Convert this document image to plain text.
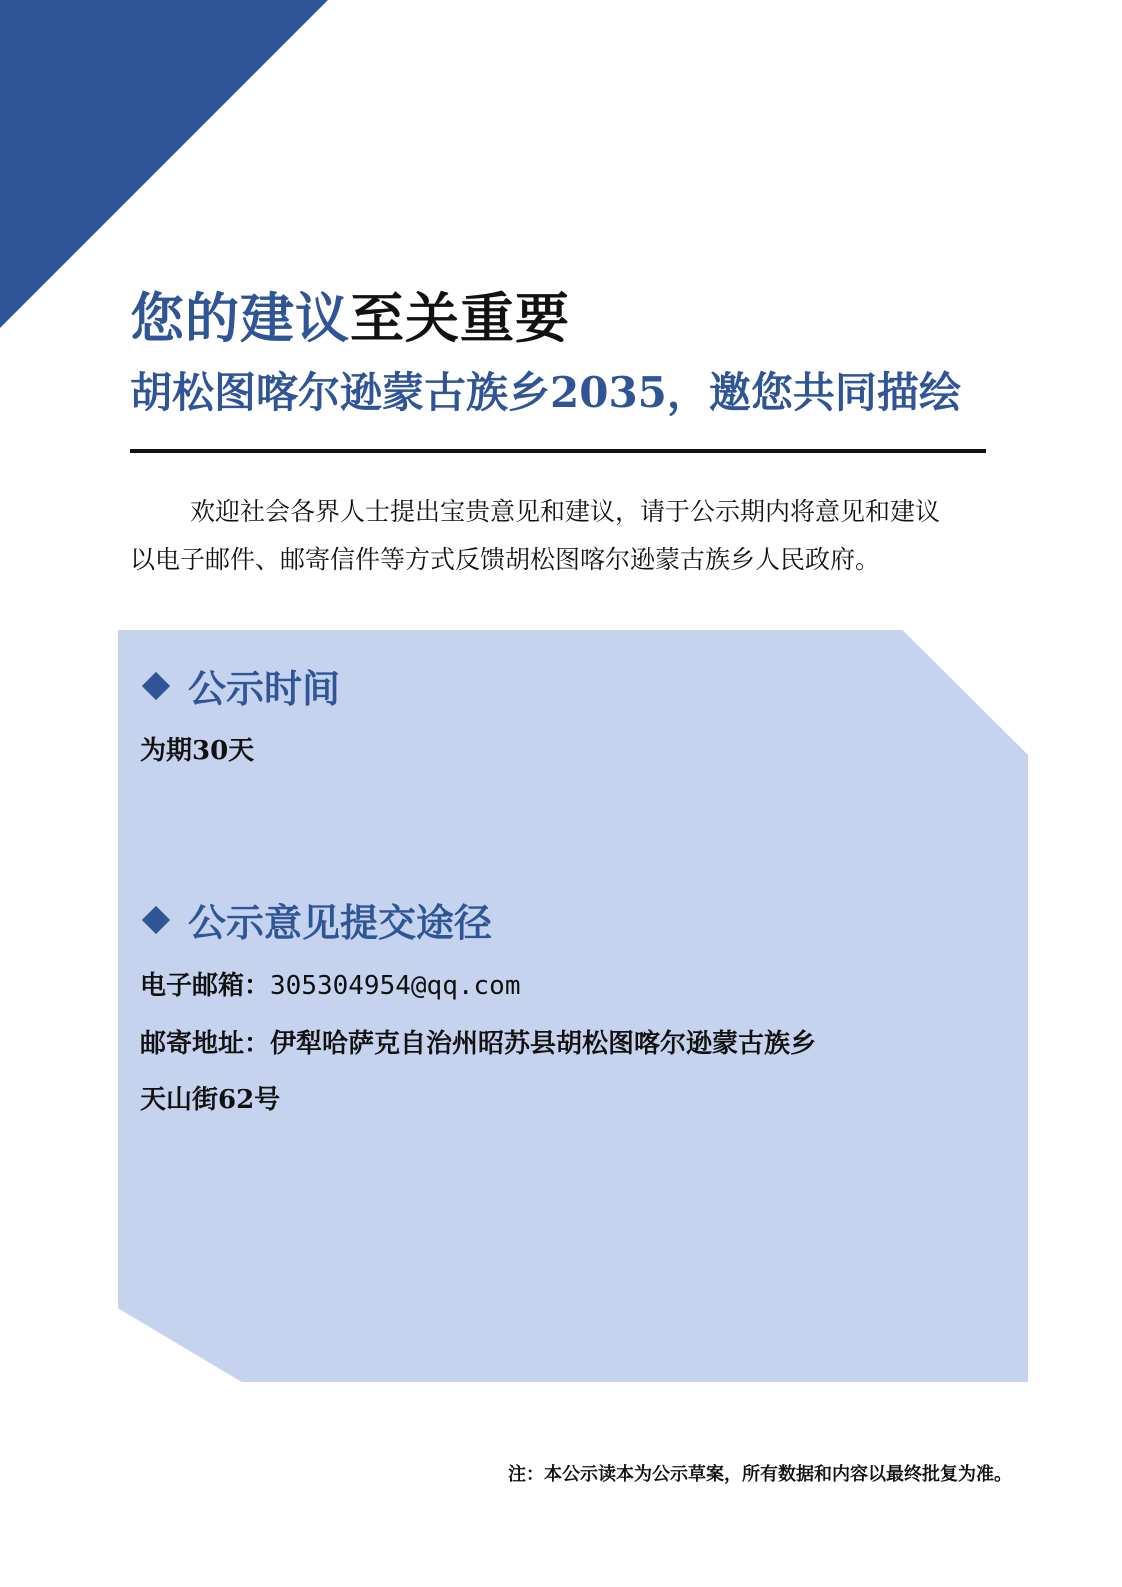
您的建议至关重要
胡松图喀尔逊蒙古族乡2035，邀您共同描绘
欢迎社会各界人士提出宝贵意见和建议，请于公示期内将意见和建议以电子邮件、邮寄信件等方式反馈胡松图喀尔逊蒙古族乡人民政府。
公示时间
为期30天
公示意见提交途径
电子邮箱：305304954@qq.com
邮寄地址：伊犁哈萨克自治州昭苏县胡松图喀尔逊蒙古族乡
天山街62号
注：本公示读本为公示草案，所有数据和内容以最终批复为准。
